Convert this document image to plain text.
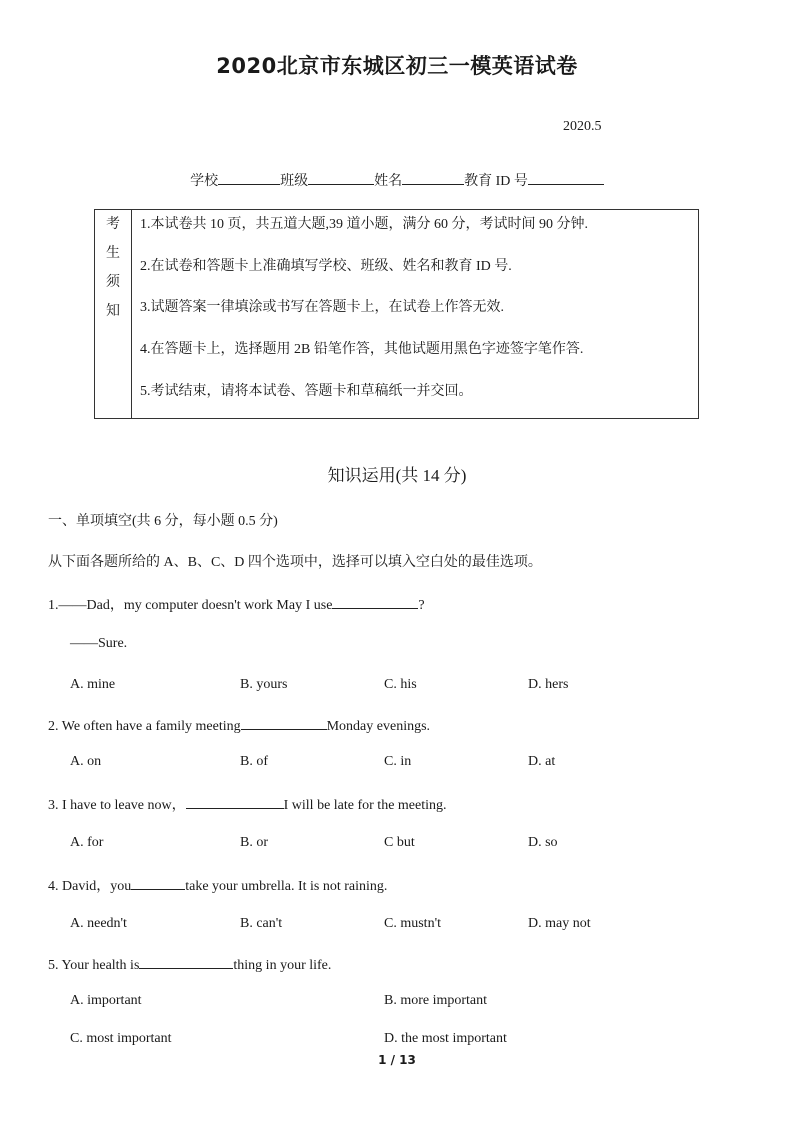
2020北京市东城区初三一模英语试卷
2020.5
学校	班级	姓名	教育 ID 号
考
生
须
知
1.本试卷共 10 页，共五道大题,39 道小题，满分 60 分，考试时间 90 分钟.
2.在试卷和答题卡上准确填写学校、班级、姓名和教育 ID 号.
3.试题答案一律填涂或书写在答题卡上，在试卷上作答无效.
4.在答题卡上，选择题用 2B 铅笔作答，其他试题用黑色字迹签字笔作答.
5.考试结束，请将本试卷、答题卡和草稿纸一并交回。
知识运用(共 14 分)
一、单项填空(共 6 分，每小题 0.5 分)
从下面各题所给的 A、B、C、D 四个选项中，选择可以填入空白处的最佳选项。
1.——Dad，my computer doesn't work May I use	?
——Sure.
A. mine	B. yours	C. his	D. hers
2. We often have a family meeting	Monday evenings.
A. on	B. of	C. in	D. at
3. I have to leave now，	I will be late for the meeting.
A. for	B. or	C but	D. so
4. David，you	take your umbrella. It is not raining.
A. needn't	B. can't	C. mustn't	D. may not
5. Your health is	thing in your life.
A. important	B. more important
C. most important	D. the most important
1 / 13
